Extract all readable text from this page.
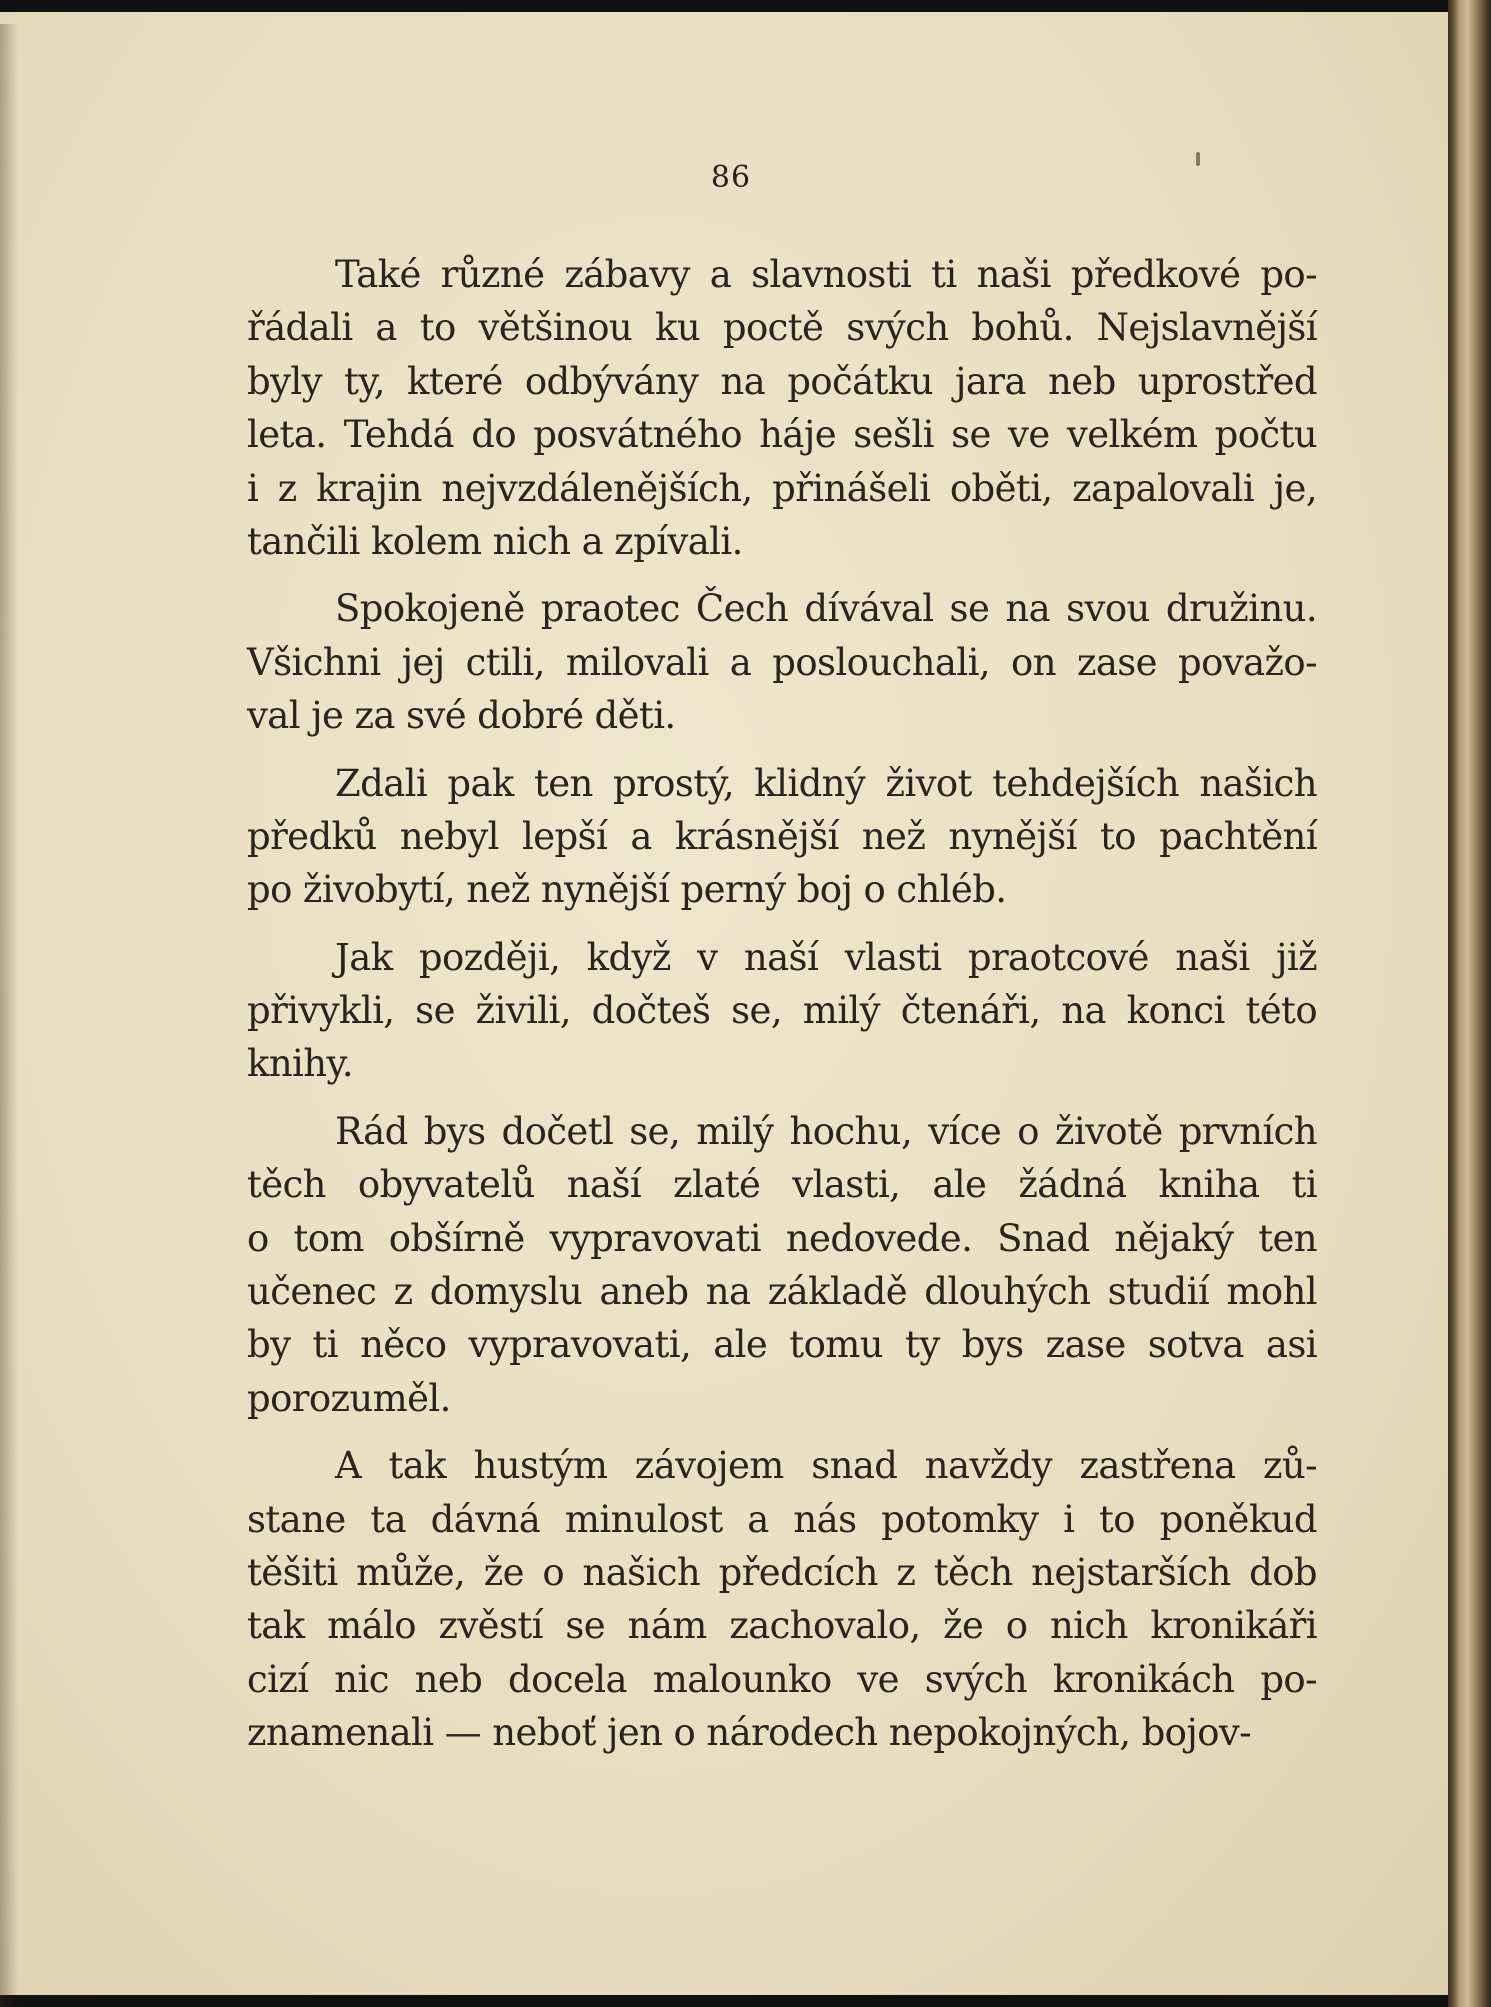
86
Také různé zábavy a slavnosti ti naši předkové po-
řádali a to většinou ku poctě svých bohů. Nejslavnější
byly ty, které odbývány na počátku jara neb uprostřed
leta. Tehdá do posvátného háje sešli se ve velkém počtu
i z krajin nejvzdálenějších, přinášeli oběti, zapalovali je,
tančili kolem nich a zpívali.
Spokojeně praotec Čech dívával se na svou družinu.
Všichni jej ctili, milovali a poslouchali, on zase považo-
val je za své dobré děti.
Zdali pak ten prostý, klidný život tehdejších našich
předků nebyl lepší a krásnější než nynější to pachtění
po živobytí, než nynější perný boj o chléb.
Jak později, když v naší vlasti praotcové naši již
přivykli, se živili, dočteš se, milý čtenáři, na konci této
knihy.
Rád bys dočetl se, milý hochu, více o životě prvních
těch obyvatelů naší zlaté vlasti, ale žádná kniha ti
o tom obšírně vypravovati nedovede. Snad nějaký ten
učenec z domyslu aneb na základě dlouhých studií mohl
by ti něco vypravovati, ale tomu ty bys zase sotva asi
porozuměl.
A tak hustým závojem snad navždy zastřena zů-
stane ta dávná minulost a nás potomky i to poněkud
těšiti může, že o našich předcích z těch nejstarších dob
tak málo zvěstí se nám zachovalo, že o nich kronikáři
cizí nic neb docela malounko ve svých kronikách po-
znamenali — neboť jen o národech nepokojných, bojov-
